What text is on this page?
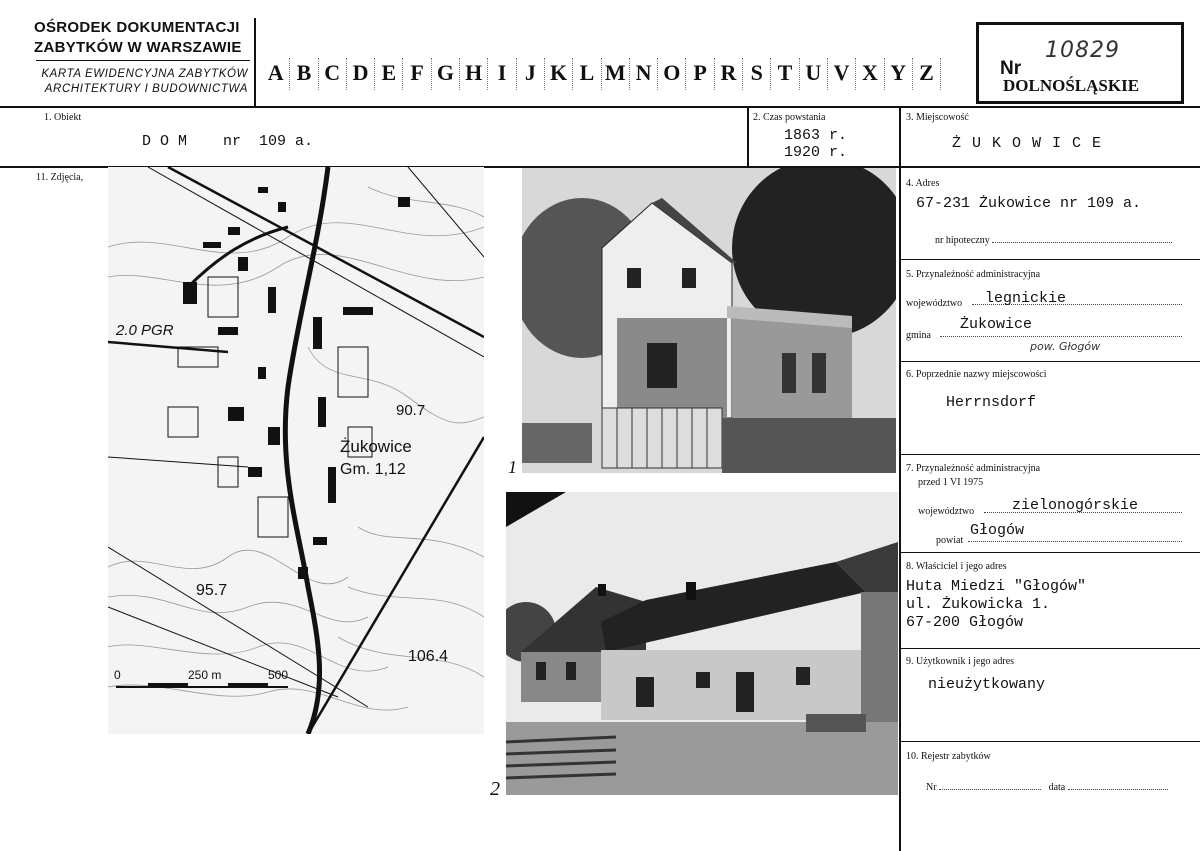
OŚRODEK DOKUMENTACJI
ZABYTKÓW W WARSZAWIE
KARTA EWIDENCYJNA ZABYTKÓW
ARCHITEKTURY I BUDOWNICTWA
A B C D E F G H I J K L M N O P R S T U V X Y Z	Nr
10829
DOLNOŚLĄSKIE
1. Obiekt
D O M    nr  109 a.
2. Czas powstania
1863 r.
1920 r.
3. Miejscowość
Ż U K O W I C E
11. Zdjęcia,
2.0 PGR
90.7
Żukowice
Gm. 1,12
95.7
106.4
0	250 m	500
1
2
4. Adres
67-231 Żukowice nr 109 a.
nr hipoteczny
5. Przynależność administracyjna
województwo legnickie
gmina
Żukowice
pow. Głogów
6. Poprzednie nazwy miejscowości
Herrnsdorf
7. Przynależność administracyjna
przed 1 VI 1975
województwo	zielonogórskie
powiat
Głogów
8. Właściciel i jego adres
Huta Miedzi "Głogów"
ul. Żukowicka 1.
67-200 Głogów
9. Użytkownik i jego adres
nieużytkowany
10. Rejestr zabytków
Nr	data
